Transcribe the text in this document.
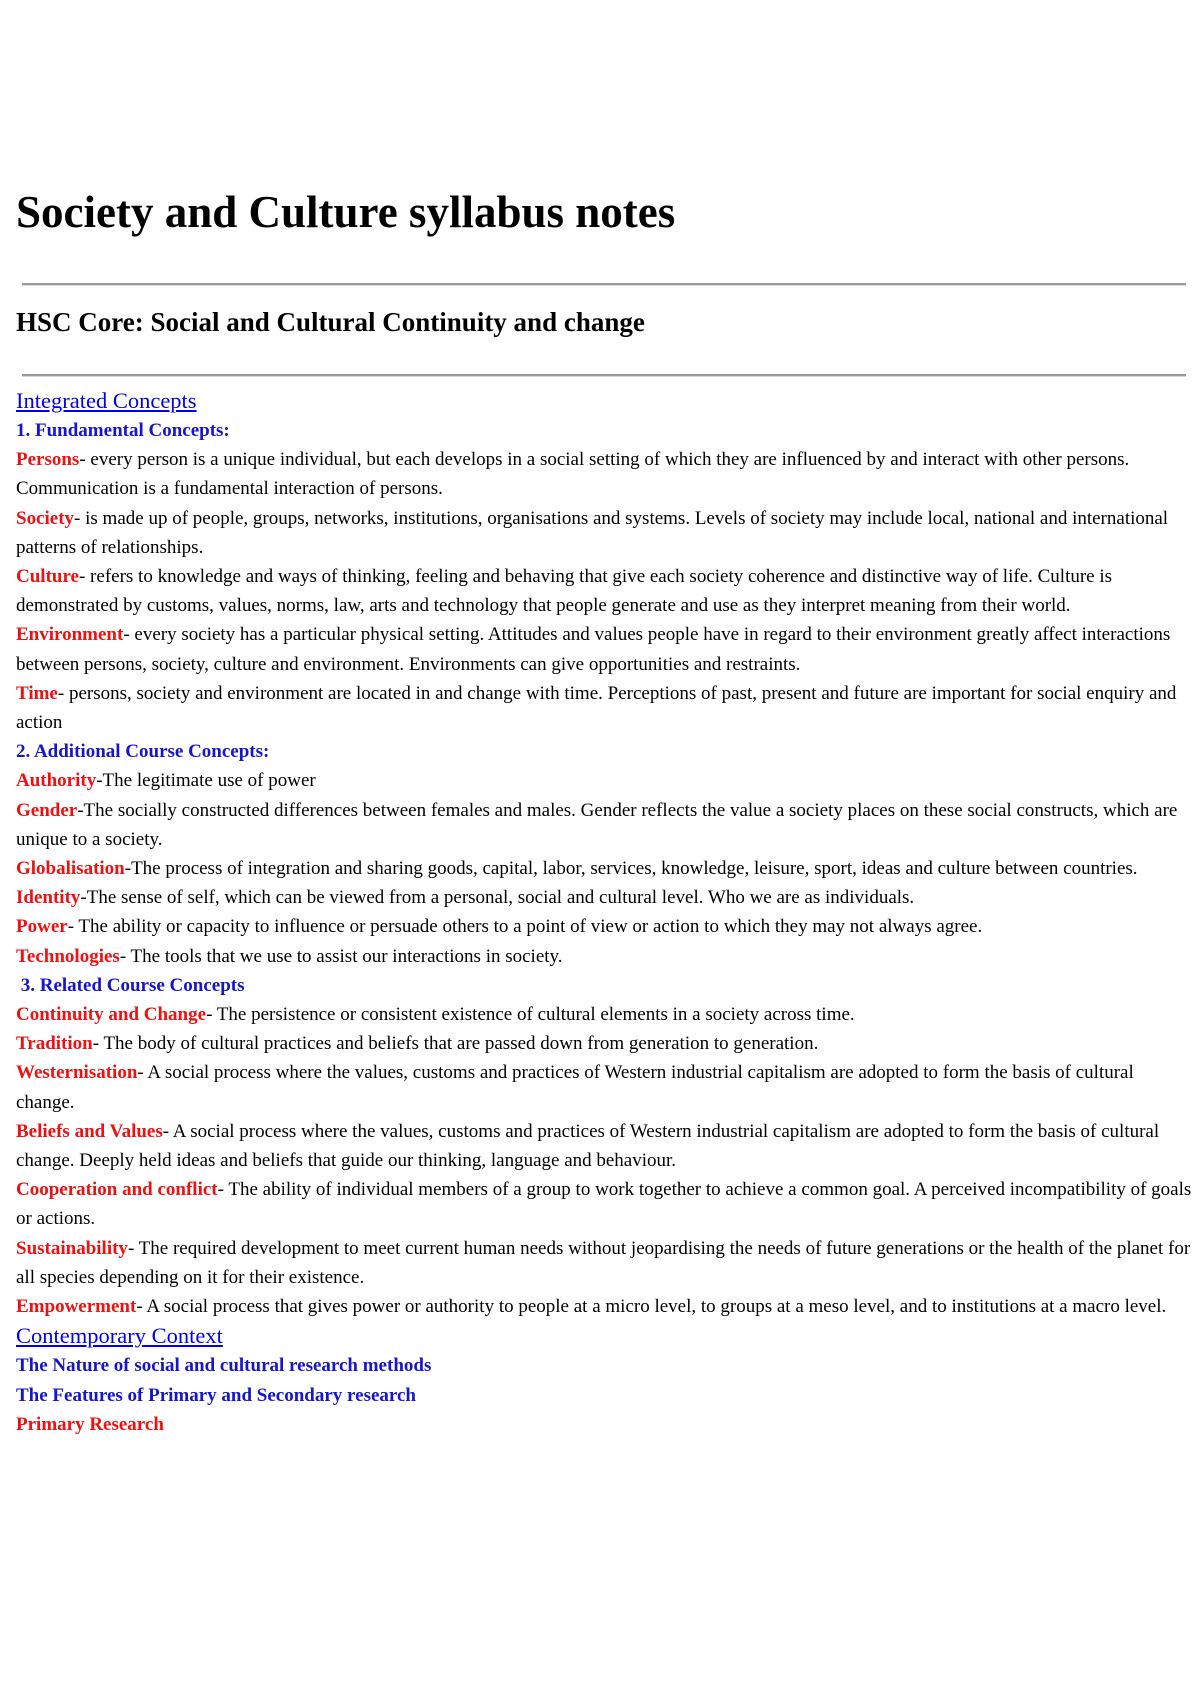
Society and Culture syllabus notes
HSC Core: Social and Cultural Continuity and change
Integrated Concepts
1. Fundamental Concepts:
Persons- every person is a unique individual, but each develops in a social setting of which they are influenced by and interact with other persons. Communication is a fundamental interaction of persons.
Society- is made up of people, groups, networks, institutions, organisations and systems. Levels of society may include local, national and international patterns of relationships.
Culture- refers to knowledge and ways of thinking, feeling and behaving that give each society coherence and distinctive way of life. Culture is demonstrated by customs, values, norms, law, arts and technology that people generate and use as they interpret meaning from their world.
Environment- every society has a particular physical setting. Attitudes and values people have in regard to their environment greatly affect interactions between persons, society, culture and environment. Environments can give opportunities and restraints.
Time- persons, society and environment are located in and change with time. Perceptions of past, present and future are important for social enquiry and action
2. Additional Course Concepts:
Authority-The legitimate use of power
Gender-The socially constructed differences between females and males. Gender reflects the value a society places on these social constructs, which are unique to a society.
Globalisation-The process of integration and sharing goods, capital, labor, services, knowledge, leisure, sport, ideas and culture between countries.
Identity-The sense of self, which can be viewed from a personal, social and cultural level. Who we are as individuals.
Power- The ability or capacity to influence or persuade others to a point of view or action to which they may not always agree.
Technologies- The tools that we use to assist our interactions in society.
3. Related Course Concepts
Continuity and Change- The persistence or consistent existence of cultural elements in a society across time.
Tradition- The body of cultural practices and beliefs that are passed down from generation to generation.
Westernisation- A social process where the values, customs and practices of Western industrial capitalism are adopted to form the basis of cultural change.
Beliefs and Values- A social process where the values, customs and practices of Western industrial capitalism are adopted to form the basis of cultural change. Deeply held ideas and beliefs that guide our thinking, language and behaviour.
Cooperation and conflict- The ability of individual members of a group to work together to achieve a common goal. A perceived incompatibility of goals or actions.
Sustainability- The required development to meet current human needs without jeopardising the needs of future generations or the health of the planet for all species depending on it for their existence.
Empowerment- A social process that gives power or authority to people at a micro level, to groups at a meso level, and to institutions at a macro level.
Contemporary Context
The Nature of social and cultural research methods
The Features of Primary and Secondary research
Primary Research
